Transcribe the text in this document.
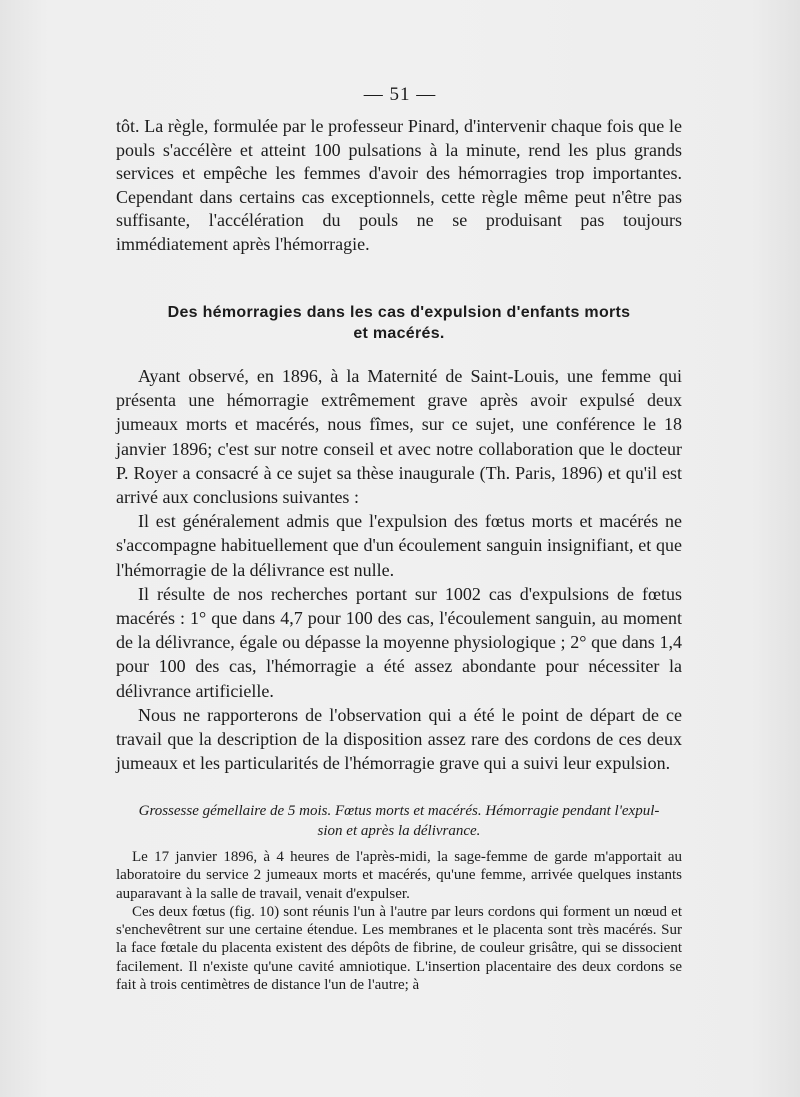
— 51 —

tôt. La règle, formulée par le professeur Pinard, d'intervenir chaque fois que le pouls s'accélère et atteint 100 pulsations à la minute, rend les plus grands services et empêche les femmes d'avoir des hémorragies trop importantes. Cependant dans certains cas exceptionnels, cette règle même peut n'être pas suffisante, l'accélération du pouls ne se produisant pas toujours immédiatement après l'hémorragie.

Des hémorragies dans les cas d'expulsion d'enfants morts
et macérés.

Ayant observé, en 1896, à la Maternité de Saint-Louis, une femme qui présenta une hémorragie extrêmement grave après avoir expulsé deux jumeaux morts et macérés, nous fîmes, sur ce sujet, une conférence le 18 janvier 1896; c'est sur notre conseil et avec notre collaboration que le docteur P. Royer a consacré à ce sujet sa thèse inaugurale (Th. Paris, 1896) et qu'il est arrivé aux conclusions suivantes :

Il est généralement admis que l'expulsion des fœtus morts et macérés ne s'accompagne habituellement que d'un écoulement sanguin insignifiant, et que l'hémorragie de la délivrance est nulle.

Il résulte de nos recherches portant sur 1002 cas d'expulsions de fœtus macérés : 1° que dans 4,7 pour 100 des cas, l'écoulement sanguin, au moment de la délivrance, égale ou dépasse la moyenne physiologique ; 2° que dans 1,4 pour 100 des cas, l'hémorragie a été assez abondante pour nécessiter la délivrance artificielle.

Nous ne rapporterons de l'observation qui a été le point de départ de ce travail que la description de la disposition assez rare des cordons de ces deux jumeaux et les particularités de l'hémorragie grave qui a suivi leur expulsion.

Grossesse gémellaire de 5 mois. Fœtus morts et macérés. Hémorragie pendant l'expul-
sion et après la délivrance.

Le 17 janvier 1896, à 4 heures de l'après-midi, la sage-femme de garde m'apportait au laboratoire du service 2 jumeaux morts et macérés, qu'une femme, arrivée quelques instants auparavant à la salle de travail, venait d'expulser.

Ces deux fœtus (fig. 10) sont réunis l'un à l'autre par leurs cordons qui forment un nœud et s'enchevêtrent sur une certaine étendue. Les membranes et le placenta sont très macérés. Sur la face fœtale du placenta existent des dépôts de fibrine, de couleur grisâtre, qui se dissocient facilement. Il n'existe qu'une cavité amniotique. L'insertion placentaire des deux cordons se fait à trois centimètres de distance l'un de l'autre; à
